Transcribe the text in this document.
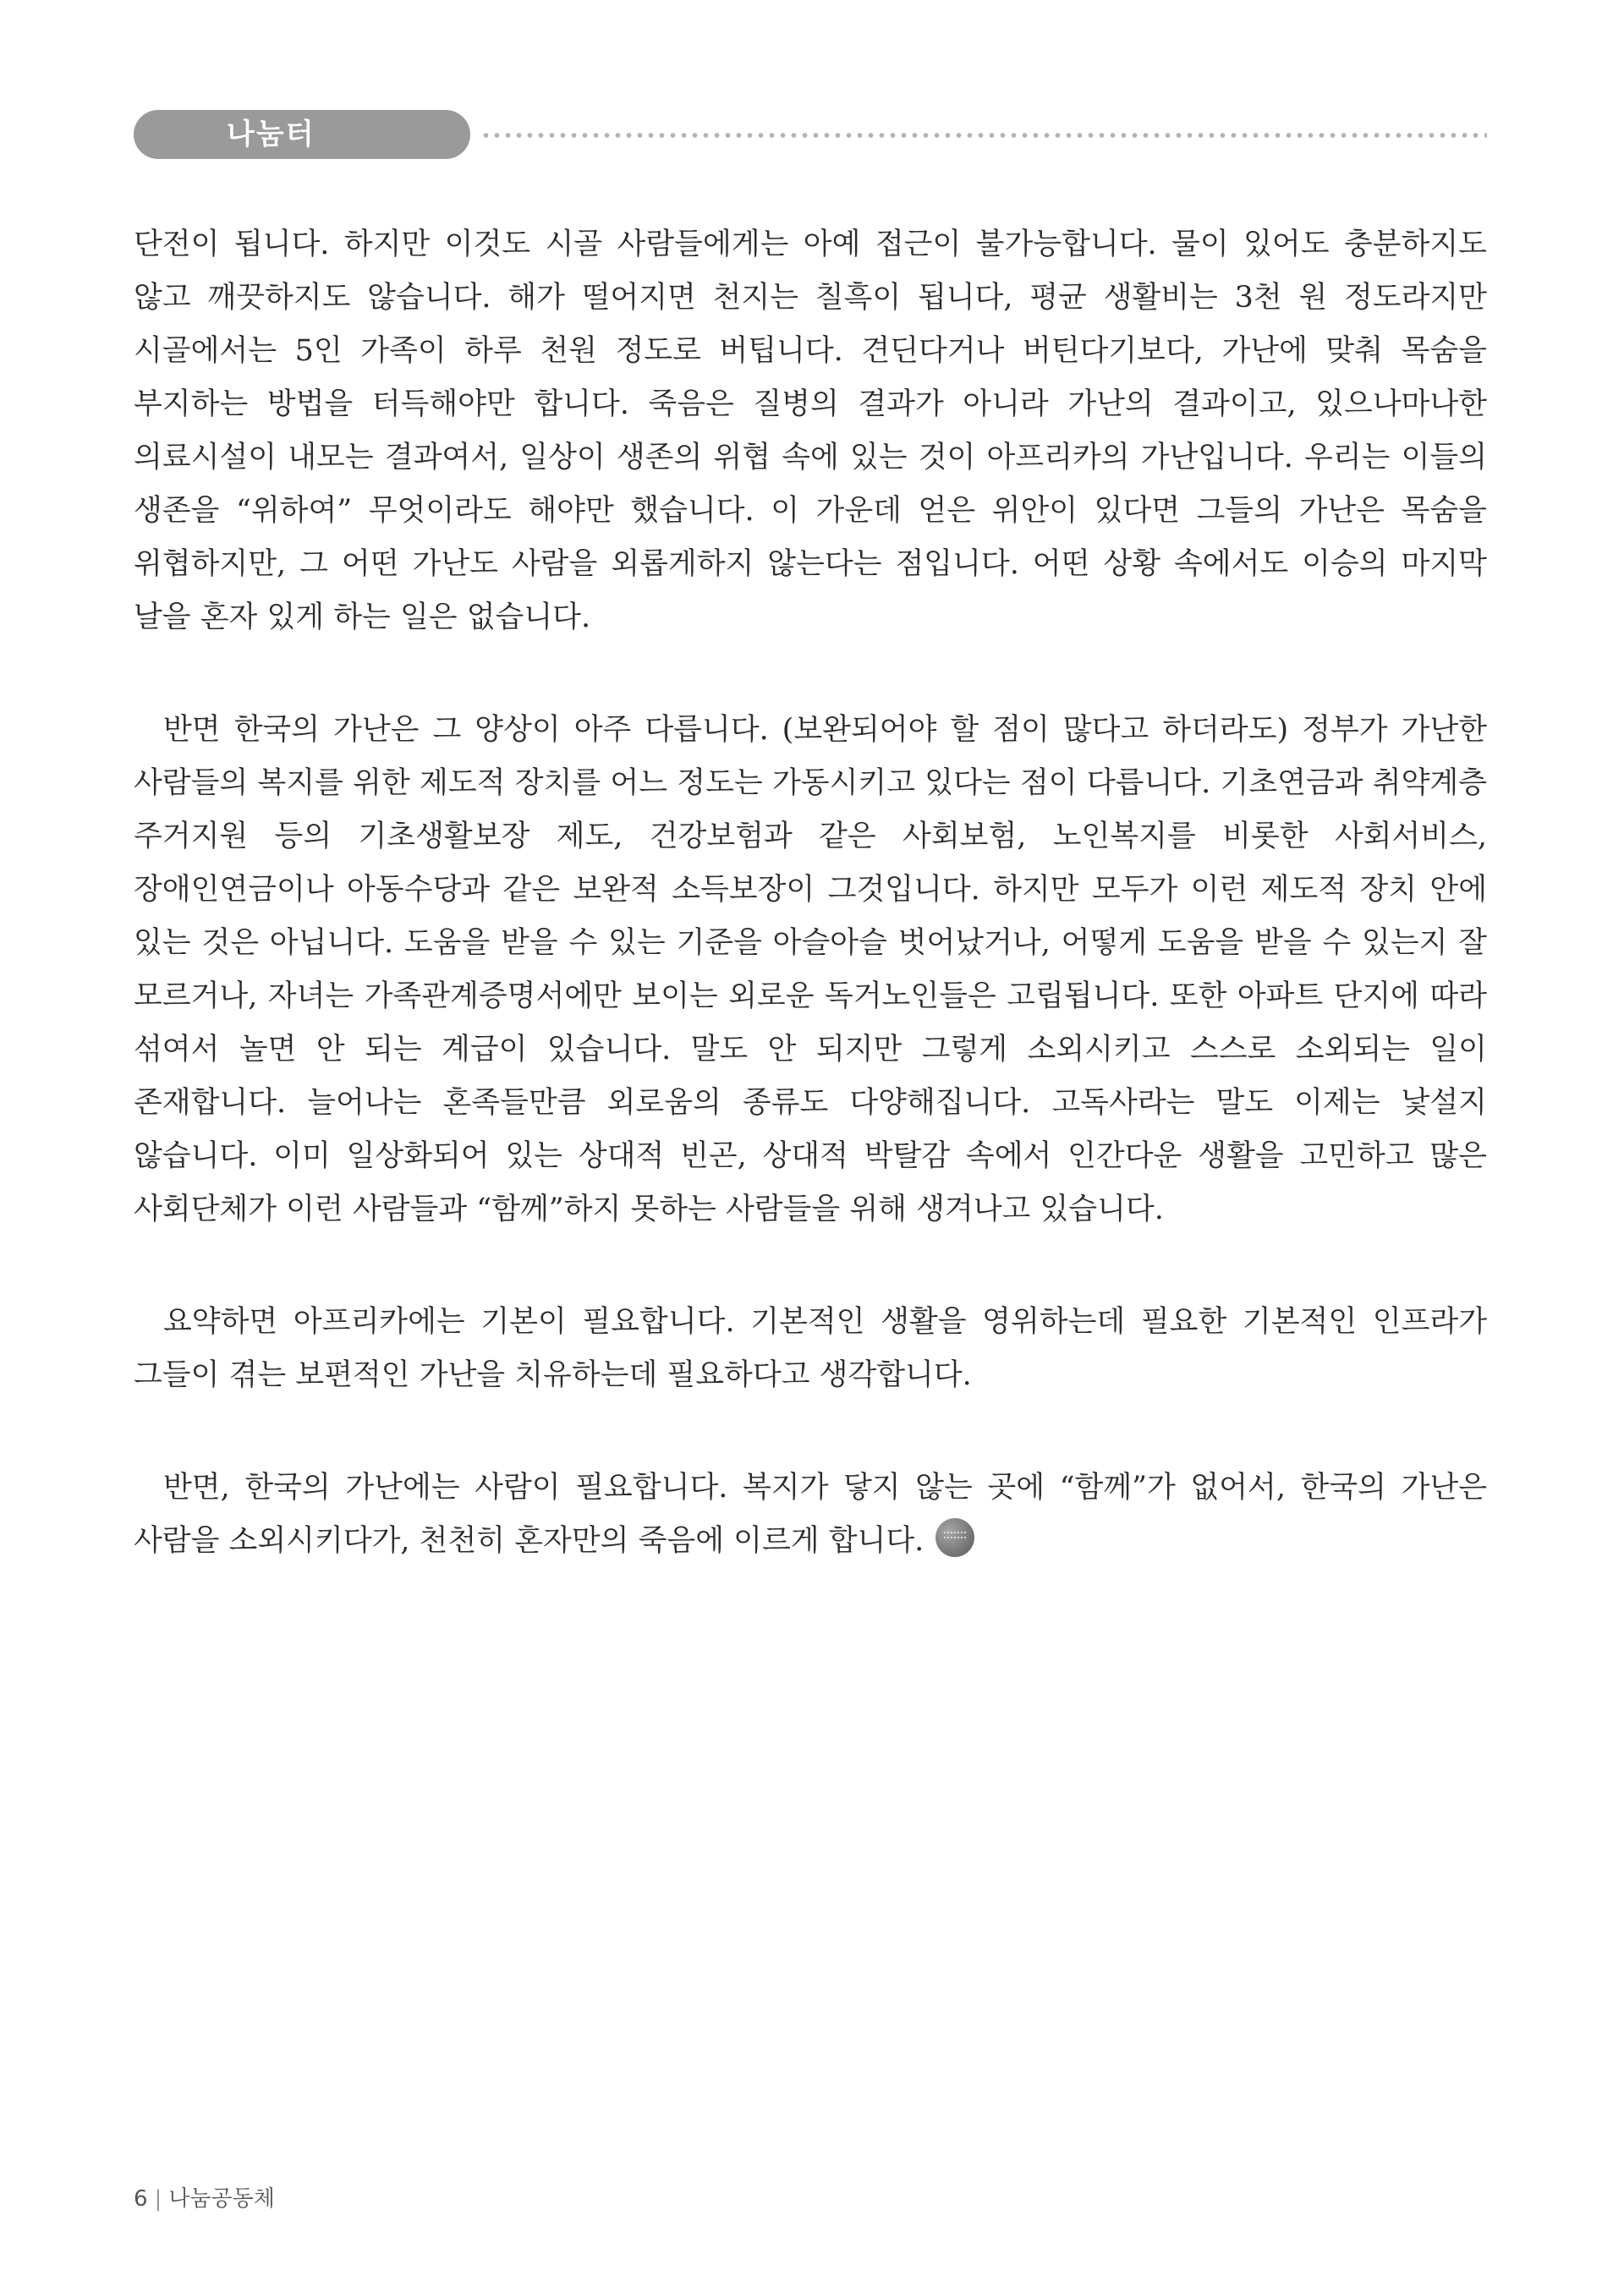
나눔터

단전이 됩니다. 하지만 이것도 시골 사람들에게는 아예 접근이 불가능합니다. 물이 있어도 충분하지도 않고 깨끗하지도 않습니다. 해가 떨어지면 천지는 칠흑이 됩니다, 평균 생활비는 3천 원 정도라지만 시골에서는 5인 가족이 하루 천원 정도로 버팁니다. 견딘다거나 버틴다기보다, 가난에 맞춰 목숨을 부지하는 방법을 터득해야만 합니다. 죽음은 질병의 결과가 아니라 가난의 결과이고, 있으나마나한 의료시설이 내모는 결과여서, 일상이 생존의 위협 속에 있는 것이 아프리카의 가난입니다. 우리는 이들의 생존을 “위하여” 무엇이라도 해야만 했습니다. 이 가운데 얻은 위안이 있다면 그들의 가난은 목숨을 위협하지만, 그 어떤 가난도 사람을 외롭게하지 않는다는 점입니다. 어떤 상황 속에서도 이승의 마지막 날을 혼자 있게 하는 일은 없습니다.

반면 한국의 가난은 그 양상이 아주 다릅니다. (보완되어야 할 점이 많다고 하더라도) 정부가 가난한 사람들의 복지를 위한 제도적 장치를 어느 정도는 가동시키고 있다는 점이 다릅니다. 기초연금과 취약계층 주거지원 등의 기초생활보장 제도, 건강보험과 같은 사회보험, 노인복지를 비롯한 사회서비스, 장애인연금이나 아동수당과 같은 보완적 소득보장이 그것입니다. 하지만 모두가 이런 제도적 장치 안에 있는 것은 아닙니다. 도움을 받을 수 있는 기준을 아슬아슬 벗어났거나, 어떻게 도움을 받을 수 있는지 잘 모르거나, 자녀는 가족관계증명서에만 보이는 외로운 독거노인들은 고립됩니다. 또한 아파트 단지에 따라 섞여서 놀면 안 되는 계급이 있습니다. 말도 안 되지만 그렇게 소외시키고 스스로 소외되는 일이 존재합니다. 늘어나는 혼족들만큼 외로움의 종류도 다양해집니다. 고독사라는 말도 이제는 낯설지 않습니다. 이미 일상화되어 있는 상대적 빈곤, 상대적 박탈감 속에서 인간다운 생활을 고민하고 많은 사회단체가 이런 사람들과 “함께”하지 못하는 사람들을 위해 생겨나고 있습니다.

요약하면 아프리카에는 기본이 필요합니다. 기본적인 생활을 영위하는데 필요한 기본적인 인프라가 그들이 겪는 보편적인 가난을 치유하는데 필요하다고 생각합니다.

반면, 한국의 가난에는 사람이 필요합니다. 복지가 닿지 않는 곳에 “함께”가 없어서, 한국의 가난은 사람을 소외시키다가, 천천히 혼자만의 죽음에 이르게 합니다.

6 | 나눔공동체
